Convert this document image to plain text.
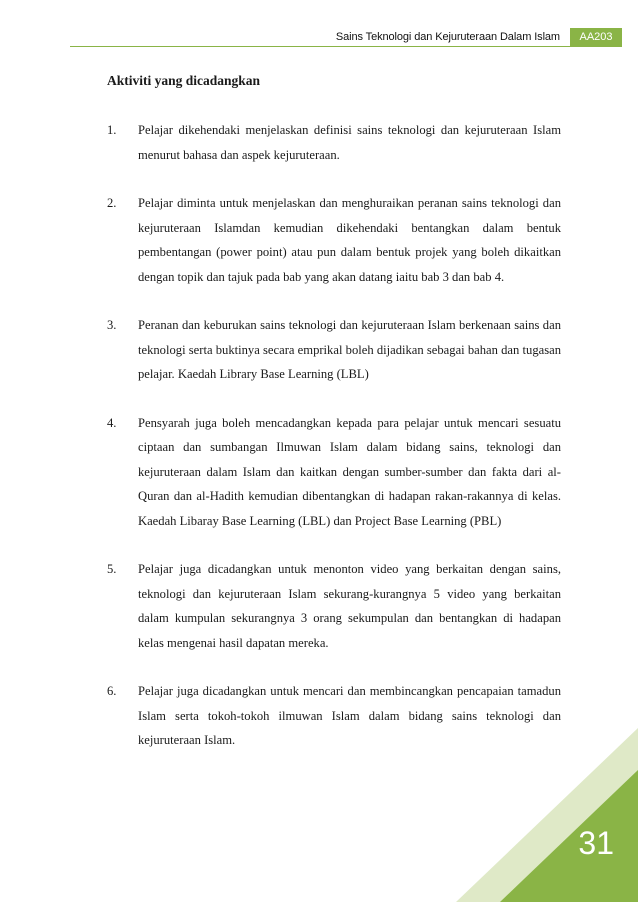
Sains Teknologi dan Kejuruteraan Dalam Islam	AA203
Aktiviti yang dicadangkan
1.	Pelajar dikehendaki menjelaskan definisi sains teknologi dan kejuruteraan Islam menurut bahasa dan aspek kejuruteraan.
2.	Pelajar diminta untuk menjelaskan dan menghuraikan peranan sains teknologi dan kejuruteraan Islamdan kemudian dikehendaki bentangkan dalam bentuk pembentangan (power point) atau pun dalam bentuk projek yang boleh dikaitkan dengan topik dan tajuk pada bab yang akan datang iaitu bab 3 dan bab 4.
3.	Peranan dan keburukan sains teknologi dan kejuruteraan Islam berkenaan sains dan teknologi serta buktinya secara emprikal boleh dijadikan sebagai bahan dan tugasan pelajar. Kaedah Library Base Learning (LBL)
4.	Pensyarah juga boleh mencadangkan kepada para pelajar untuk mencari sesuatu ciptaan dan sumbangan Ilmuwan Islam dalam bidang sains, teknologi dan kejuruteraan dalam Islam dan kaitkan dengan sumber-sumber dan fakta dari al-Quran dan al-Hadith kemudian dibentangkan di hadapan rakan-rakannya di kelas. Kaedah Libaray Base Learning (LBL) dan Project Base Learning (PBL)
5.	Pelajar juga dicadangkan untuk menonton video yang berkaitan dengan sains, teknologi dan kejuruteraan Islam sekurang-kurangnya 5 video yang berkaitan dalam kumpulan sekurangnya 3 orang sekumpulan dan bentangkan di hadapan kelas mengenai hasil dapatan mereka.
6.	Pelajar juga dicadangkan untuk mencari dan membincangkan pencapaian tamadun Islam serta tokoh-tokoh ilmuwan Islam dalam bidang sains teknologi dan kejuruteraan Islam.
31
